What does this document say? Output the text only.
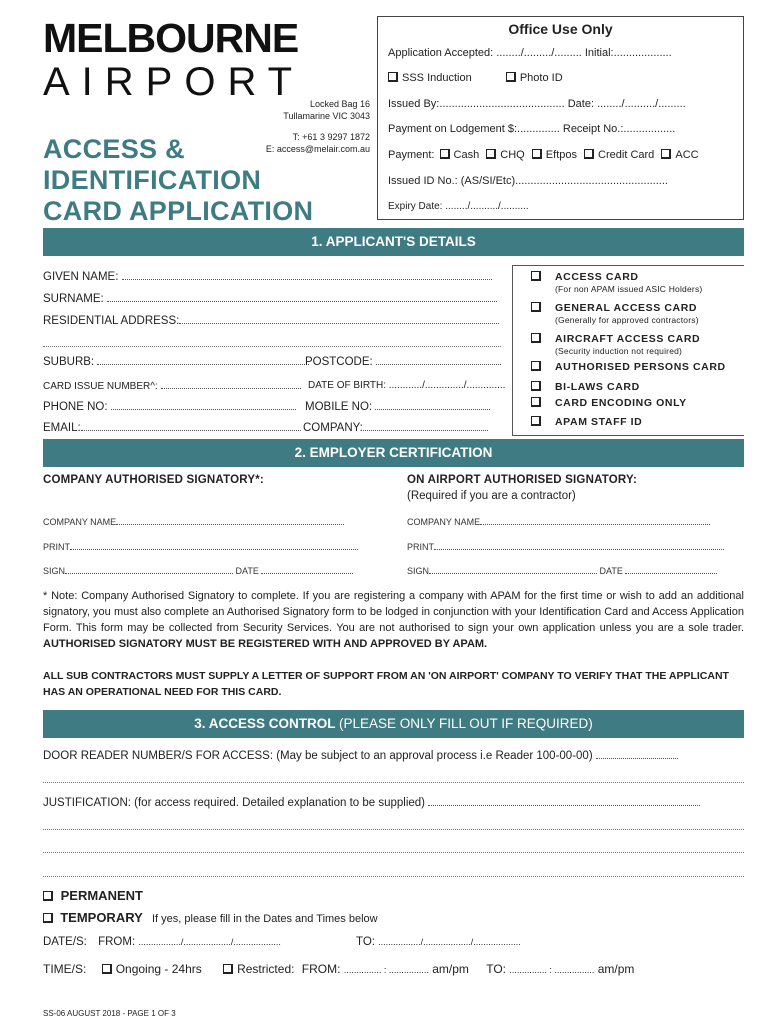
MELBOURNE
AIRPORT Locked Bag 16
Tullamarine VIC 3043
T: +61 3 9297 1872
E: access@melair.com.au
ACCESS &
IDENTIFICATION
CARD APPLICATION
Office Use Only
Application Accepted: ......../........./......... Initial:...................
SSS Induction	Photo ID
Issued By:......................................... Date: ......../........../.........
Payment on Lodgement $:.............. Receipt No.:.................
Payment: Cash CHQ Eftpos Credit Card ACC
Issued ID No.: (AS/SI/Etc)..................................................
Expiry Date: ......../........../..........
1. APPLICANT'S DETAILS
GIVEN NAME:
SURNAME:
RESIDENTIAL ADDRESS:
SUBURB:	POSTCODE:
CARD ISSUE NUMBER^:	DATE OF BIRTH: ............/............../..............
PHONE NO:	MOBILE NO:
EMAIL:	COMPANY:
ACCESS CARD
(For non APAM issued ASIC Holders)
GENERAL ACCESS CARD
(Generally for approved contractors)
AIRCRAFT ACCESS CARD
(Security induction not required)
AUTHORISED PERSONS CARD
BI-LAWS CARD
CARD ENCODING ONLY
APAM STAFF ID
2. EMPLOYER CERTIFICATION
COMPANY AUTHORISED SIGNATORY*:	ON AIRPORT AUTHORISED SIGNATORY:
(Required if you are a contractor)
COMPANY NAME
PRINT
SIGN	DATE
COMPANY NAME
PRINT
SIGN	DATE
* Note: Company Authorised Signatory to complete. If you are registering a company with APAM for the first time or wish to add an additional signatory, you must also complete an Authorised Signatory form to be lodged in conjunction with your Identification Card and Access Application Form. This form may be collected from Security Services. You are not authorised to sign your own application unless you are a sole trader. AUTHORISED SIGNATORY MUST BE REGISTERED WITH AND APPROVED BY APAM.
ALL SUB CONTRACTORS MUST SUPPLY A LETTER OF SUPPORT FROM AN 'ON AIRPORT' COMPANY TO VERIFY THAT THE APPLICANT HAS AN OPERATIONAL NEED FOR THIS CARD.
3. ACCESS CONTROL (PLEASE ONLY FILL OUT IF REQUIRED)
DOOR READER NUMBER/S FOR ACCESS: (May be subject to an approval process i.e Reader 100-00-00)
JUSTIFICATION: (for access required. Detailed explanation to be supplied)
PERMANENT
TEMPORARY If yes, please fill in the Dates and Times below
DATE/S: FROM: ................./.................../...................	TO: ................./.................../...................
TIME/S: Ongoing - 24hrs	Restricted: FROM: ............... : ................ am/pm TO: ............... : ................ am/pm
SS-06 AUGUST 2018 - PAGE 1 OF 3
